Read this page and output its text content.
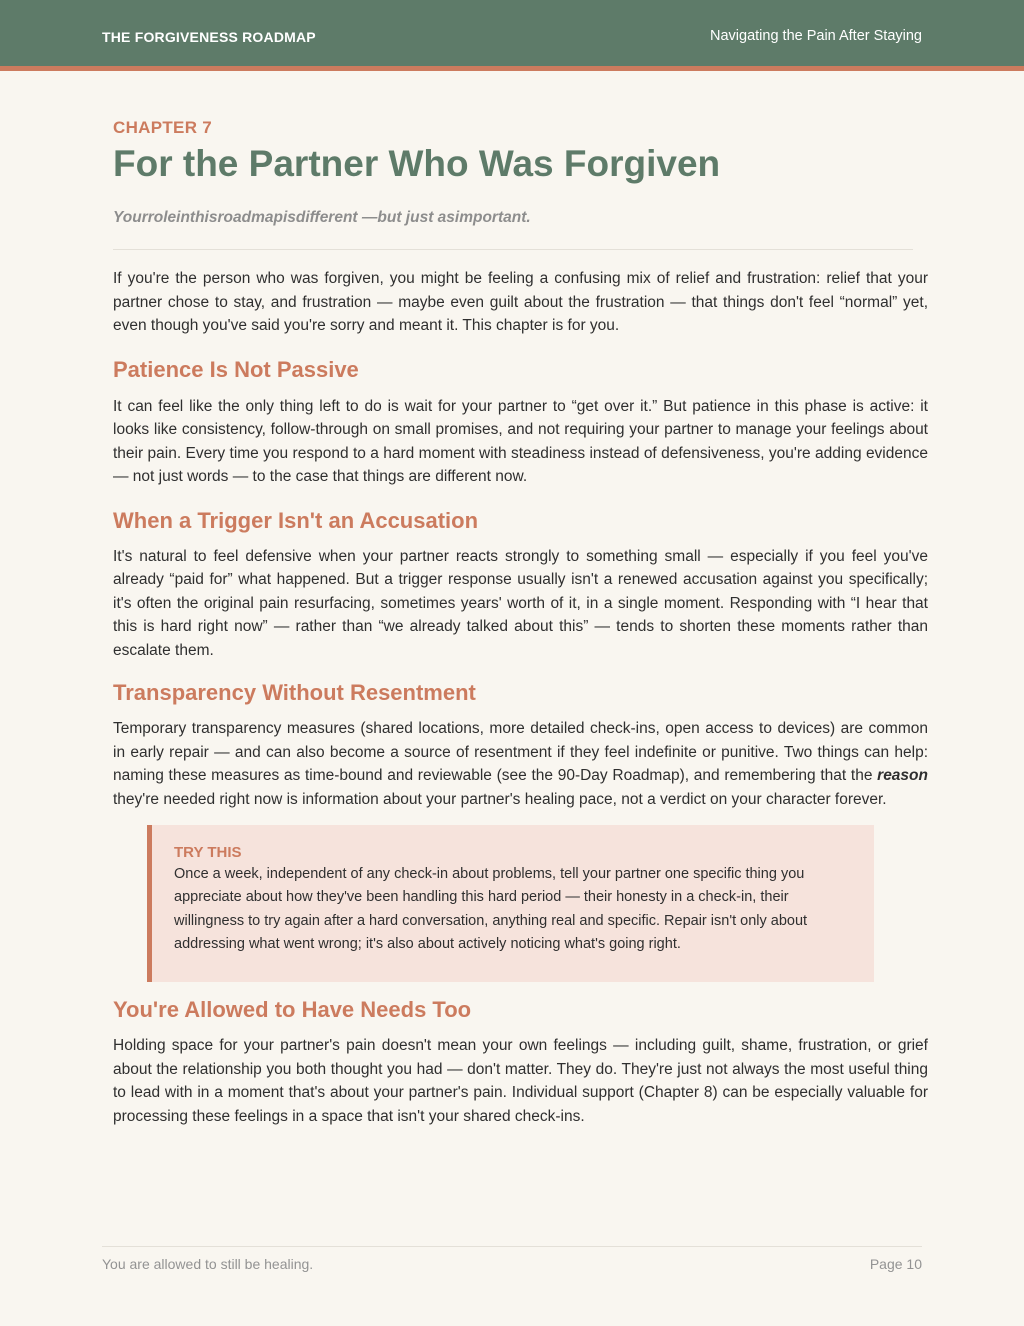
THE FORGIVENESS ROADMAP	Navigating the Pain After Staying
CHAPTER 7
For the Partner Who Was Forgiven
Yourroleinthisroadmapisdifferent —but just asimportant.

If you're the person who was forgiven, you might be feeling a confusing mix of relief and frustration: relief that your partner chose to stay, and frustration — maybe even guilt about the frustration — that things don't feel “normal” yet, even though you've said you're sorry and meant it. This chapter is for you.

Patience Is Not Passive

It can feel like the only thing left to do is wait for your partner to “get over it.” But patience in this phase is active: it looks like consistency, follow-through on small promises, and not requiring your partner to manage your feelings about their pain. Every time you respond to a hard moment with steadiness instead of defensiveness, you're adding evidence — not just words — to the case that things are different now.

When a Trigger Isn't an Accusation

It's natural to feel defensive when your partner reacts strongly to something small — especially if you feel you've already “paid for” what happened. But a trigger response usually isn't a renewed accusation against you specifically; it's often the original pain resurfacing, sometimes years' worth of it, in a single moment. Responding with “I hear that this is hard right now” — rather than “we already talked about this” — tends to shorten these moments rather than escalate them.

Transparency Without Resentment

Temporary transparency measures (shared locations, more detailed check-ins, open access to devices) are common in early repair — and can also become a source of resentment if they feel indefinite or punitive. Two things can help: naming these measures as time-bound and reviewable (see the 90-Day Roadmap), and remembering that the reason they're needed right now is information about your partner's healing pace, not a verdict on your character forever.

TRY THIS
Once a week, independent of any check-in about problems, tell your partner one specific thing you appreciate about how they've been handling this hard period — their honesty in a check-in, their willingness to try again after a hard conversation, anything real and specific. Repair isn't only about addressing what went wrong; it's also about actively noticing what's going right.
You're Allowed to Have Needs Too

Holding space for your partner's pain doesn't mean your own feelings — including guilt, shame, frustration, or grief about the relationship you both thought you had — don't matter. They do. They're just not always the most useful thing to lead with in a moment that's about your partner's pain. Individual support (Chapter 8) can be especially valuable for processing these feelings in a space that isn't your shared check-ins.

You are allowed to still be healing.	Page 10
